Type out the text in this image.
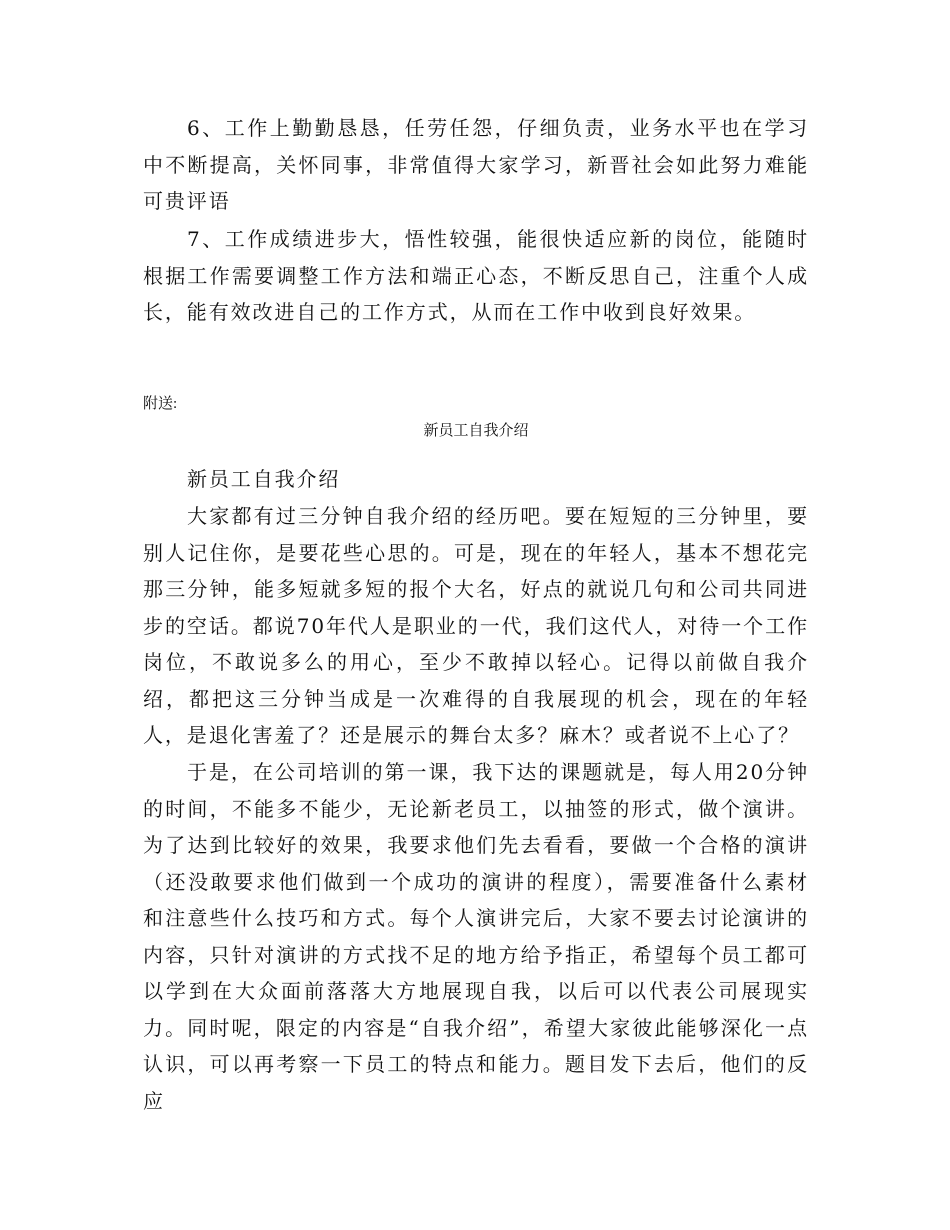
6、工作上勤勤恳恳，任劳任怨，仔细负责，业务水平也在学习中不断提高，关怀同事，非常值得大家学习，新晋社会如此努力难能可贵评语

7、工作成绩进步大，悟性较强，能很快适应新的岗位，能随时根据工作需要调整工作方法和端正心态，不断反思自己，注重个人成长，能有效改进自己的工作方式，从而在工作中收到良好效果。

附送:

新员工自我介绍

新员工自我介绍

大家都有过三分钟自我介绍的经历吧。要在短短的三分钟里，要别人记住你，是要花些心思的。可是，现在的年轻人，基本不想花完那三分钟，能多短就多短的报个大名，好点的就说几句和公司共同进步的空话。都说70年代人是职业的一代，我们这代人，对待一个工作岗位，不敢说多么的用心，至少不敢掉以轻心。记得以前做自我介绍，都把这三分钟当成是一次难得的自我展现的机会，现在的年轻人，是退化害羞了？还是展示的舞台太多？麻木？或者说不上心了？

于是，在公司培训的第一课，我下达的课题就是，每人用20分钟的时间，不能多不能少，无论新老员工，以抽签的形式，做个演讲。为了达到比较好的效果，我要求他们先去看看，要做一个合格的演讲（还没敢要求他们做到一个成功的演讲的程度），需要准备什么素材和注意些什么技巧和方式。每个人演讲完后，大家不要去讨论演讲的内容，只针对演讲的方式找不足的地方给予指正，希望每个员工都可以学到在大众面前落落大方地展现自我，以后可以代表公司展现实力。同时呢，限定的内容是“自我介绍”，希望大家彼此能够深化一点认识，可以再考察一下员工的特点和能力。题目发下去后，他们的反应
